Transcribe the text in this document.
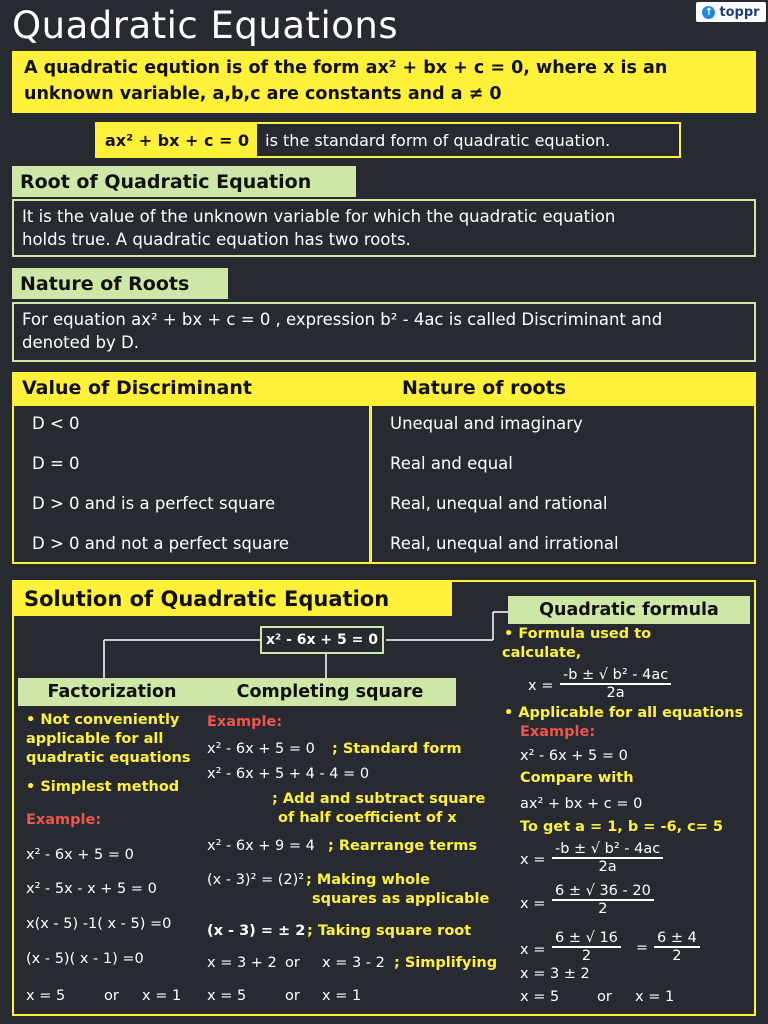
Quadratic Equations	↑ toppr
A quadratic eqution is of the form ax² + bx + c = 0, where x is an
unknown variable, a,b,c are constants and a ≠ 0
ax² + bx + c = 0	is the standard form of quadratic equation.
Root of Quadratic Equation
It is the value of the unknown variable for which the quadratic equation
holds true. A quadratic equation has two roots.
Nature of Roots
For equation ax² + bx + c = 0 , expression b² - 4ac is called Discriminant and
denoted by D.
Value of Discriminant	Nature of roots
D < 0	Unequal and imaginary
D = 0	Real and equal
D > 0 and is a perfect square	Real, unequal and rational
D > 0 and not a perfect square	Real, unequal and irrational
Solution of Quadratic Equation
x² - 6x + 5 = 0
Factorization
• Not conveniently
applicable for all
quadratic equations
• Simplest method
Example:
x² - 6x + 5 = 0
x² - 5x - x + 5 = 0
x(x - 5) -1( x - 5) =0
(x - 5)( x - 1) =0
x = 5	or x = 1
Completing square
Example:
x² - 6x + 5 = 0 ; Standard form
x² - 6x + 5 + 4 - 4 = 0
; Add and subtract square
of half coefficient of x
x² - 6x + 9 = 4 ; Rearrange terms
(x - 3)² = (2)² ; Making whole
squares as applicable
(x - 3) = ± 2 ; Taking square root
x = 3 + 2 or x = 3 - 2 ; Simplifying
x = 5	or x = 1
Quadratic formula
• Formula used to
calculate,
$x = \frac{\text{-b ± √ b² - 4ac}}{2a}$
• Applicable for all equations
Example:
x² - 6x + 5 = 0
Compare with
ax² + bx + c = 0
To get a = 1, b = -6, c= 5
$x = \frac{\text{-b ± √ b² - 4ac}}{2a}$
$x = \frac{6 \pm √ 36 - 20}{2}$
$x = \frac{6 \pm √ 16}{2} = \frac{6 \pm 4}{2}$
x = 3 ± 2
x = 5	or x = 1
